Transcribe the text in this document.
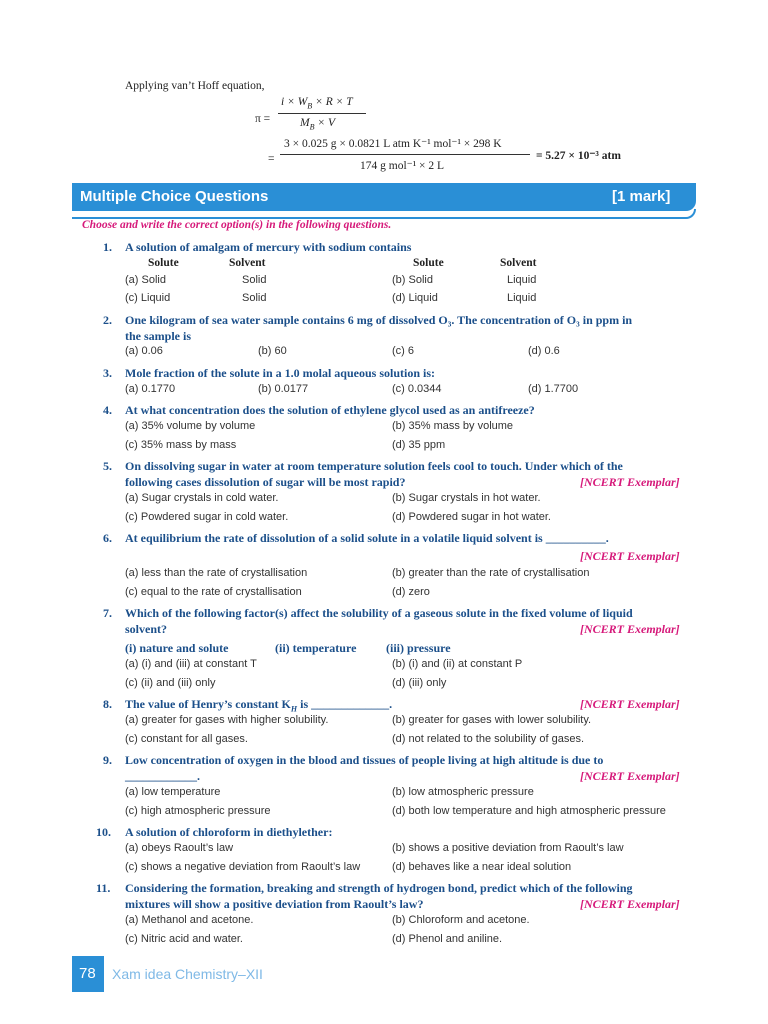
Applying van’t Hoff equation,
π =
$i \times W_B \times R \times T$
$M_B \times V$
=
3 × 0.025 g × 0.0821 L atm K⁻¹ mol⁻¹ × 298 K
174 g mol⁻¹ × 2 L
= 5.27 × 10⁻³ atm
Multiple Choice Questions	[1 mark]
Choose and write the correct option(s) in the following questions.
1. A solution of amalgam of mercury with sodium contains
Solute	Solvent	Solute	Solvent
(a) Solid	Solid	(b) Solid	Liquid
(c) Liquid	Solid	(d) Liquid	Liquid
2. One kilogram of sea water sample contains 6 mg of dissolved O₃. The concentration of O₃ in ppm in
the sample is
(a) 0.06	(b) 60	(c) 6	(d) 0.6
3. Mole fraction of the solute in a 1.0 molal aqueous solution is:
(a) 0.1770	(b) 0.0177	(c) 0.0344	(d) 1.7700
4. At what concentration does the solution of ethylene glycol used as an antifreeze?
(a) 35% volume by volume	(b) 35% mass by volume
(c) 35% mass by mass	(d) 35 ppm
5. On dissolving sugar in water at room temperature solution feels cool to touch. Under which of the
following cases dissolution of sugar will be most rapid?	[NCERT Exemplar]
(a) Sugar crystals in cold water.	(b) Sugar crystals in hot water.
(c) Powdered sugar in cold water.	(d) Powdered sugar in hot water.
6. At equilibrium the rate of dissolution of a solid solute in a volatile liquid solvent is __________.
[NCERT Exemplar]
(a) less than the rate of crystallisation	(b) greater than the rate of crystallisation
(c) equal to the rate of crystallisation	(d) zero
7. Which of the following factor(s) affect the solubility of a gaseous solute in the fixed volume of liquid
solvent?	[NCERT Exemplar]
(i) nature and solute	(ii) temperature (iii) pressure
(a) (i) and (iii) at constant T	(b) (i) and (ii) at constant P
(c) (ii) and (iii) only	(d) (iii) only
8. The value of Henry’s constant $K_H$ is _____________.	[NCERT Exemplar]
(a) greater for gases with higher solubility.	(b) greater for gases with lower solubility.
(c) constant for all gases.	(d) not related to the solubility of gases.
9. Low concentration of oxygen in the blood and tissues of people living at high altitude is due to
____________.	[NCERT Exemplar]
(a) low temperature	(b) low atmospheric pressure
(c) high atmospheric pressure	(d) both low temperature and high atmospheric pressure
10. A solution of chloroform in diethylether:
(a) obeys Raoult’s law	(b) shows a positive deviation from Raoult’s law
(c) shows a negative deviation from Raoult’s law	(d) behaves like a near ideal solution
11. Considering the formation, breaking and strength of hydrogen bond, predict which of the following
mixtures will show a positive deviation from Raoult’s law?	[NCERT Exemplar]
(a) Methanol and acetone.	(b) Chloroform and acetone.
(c) Nitric acid and water.	(d) Phenol and aniline.
78 Xam idea Chemistry–XII
